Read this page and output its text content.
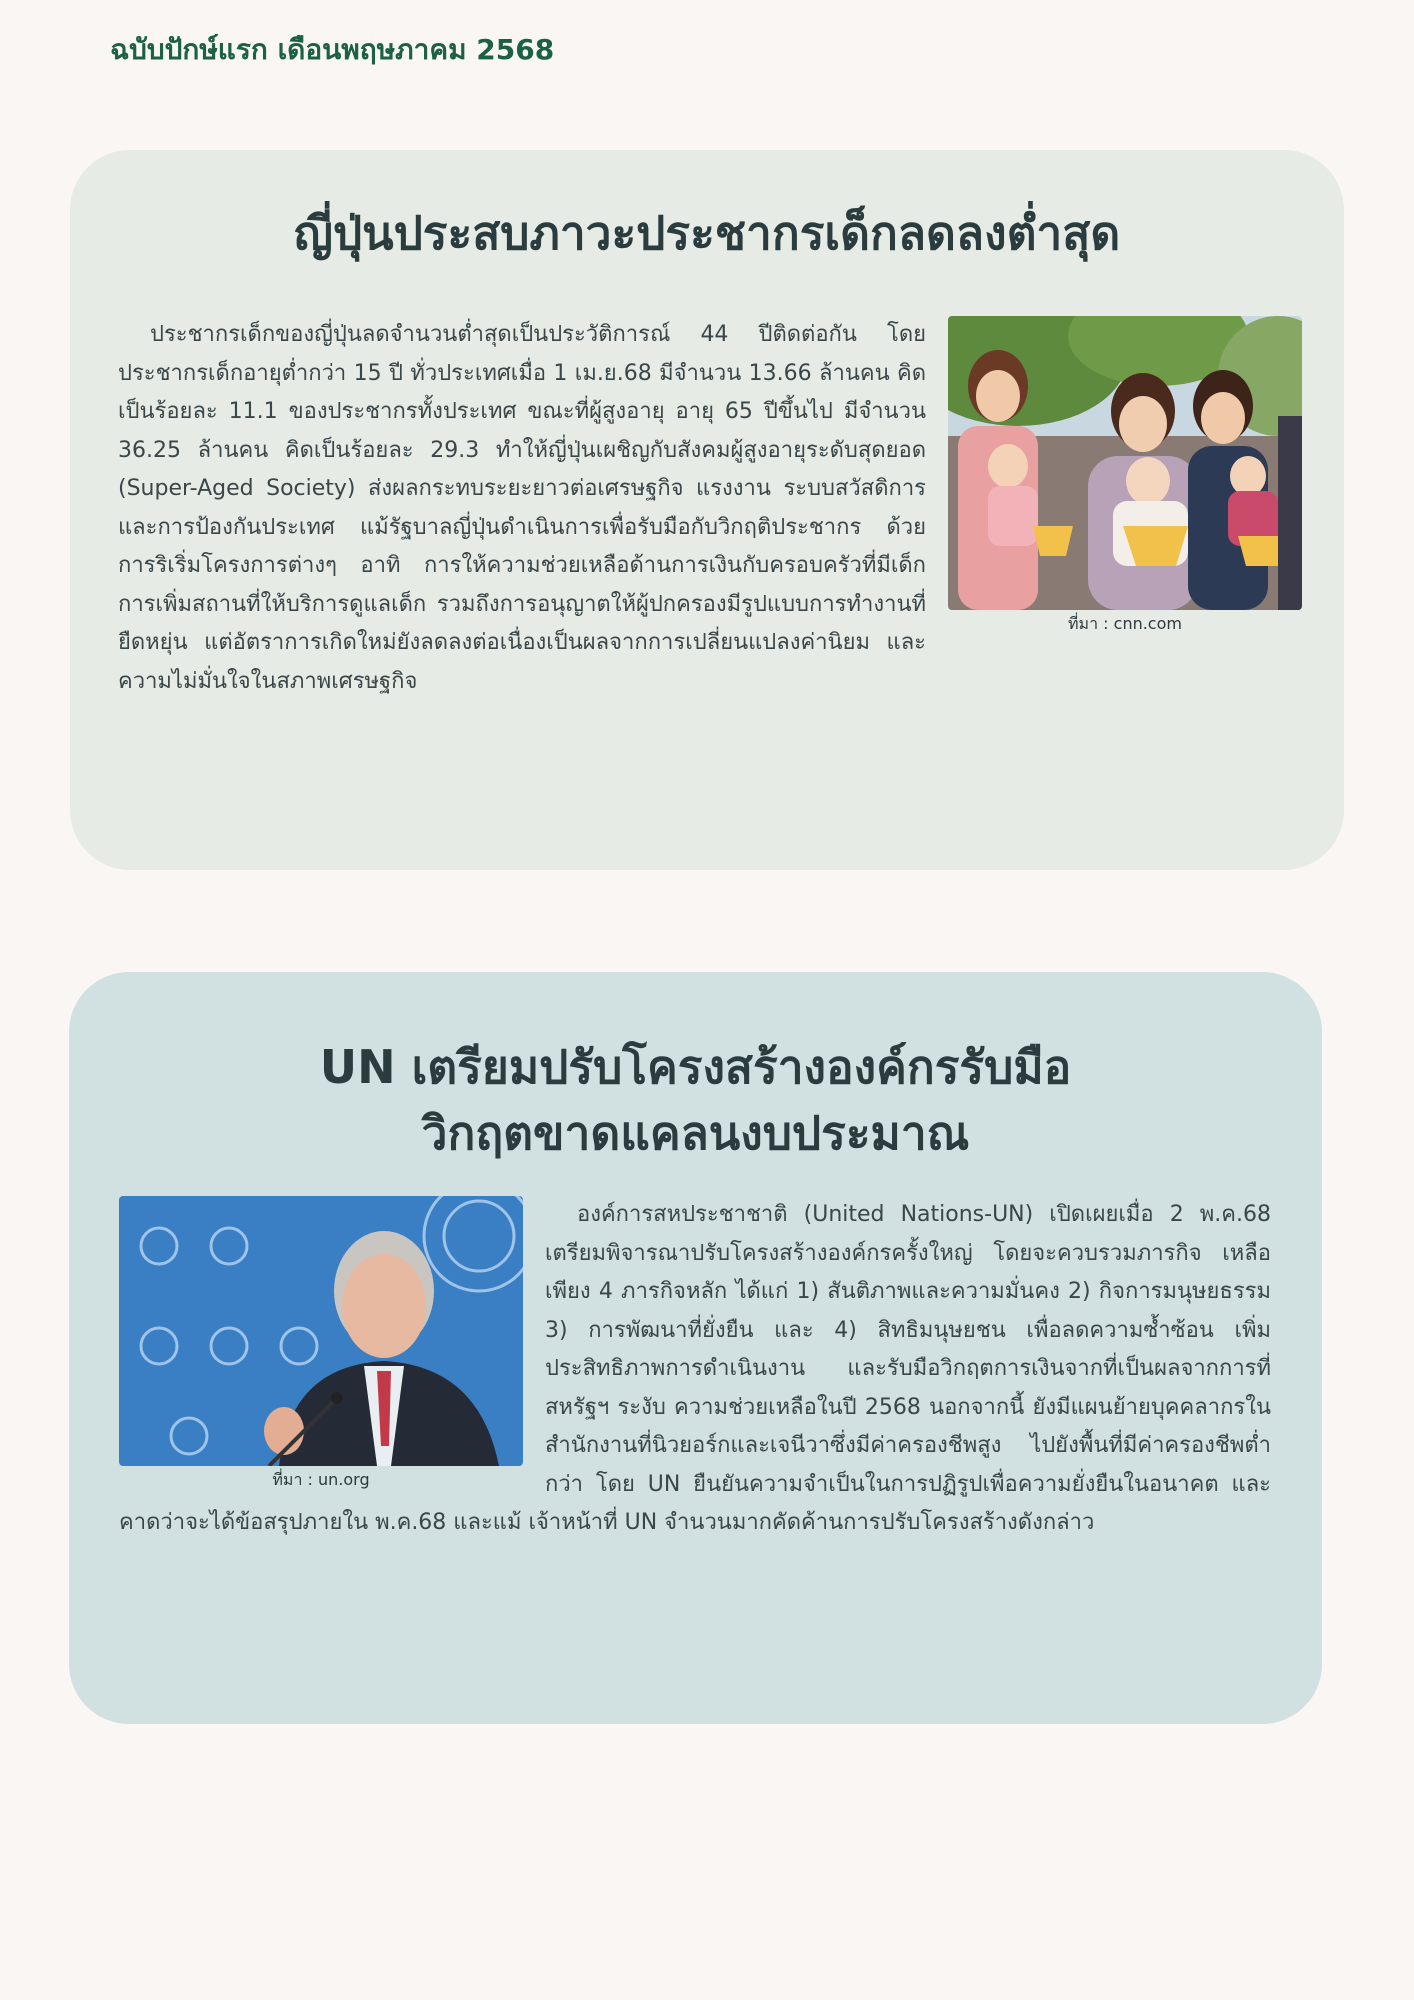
ฉบับปักษ์แรก เดือนพฤษภาคม 2568
ญี่ปุ่นประสบภาวะประชากรเด็กลดลงต่ำสุด
ที่มา : cnn.com
ประชากรเด็กของญี่ปุ่นลดจำนวนต่ำสุดเป็นประวัติการณ์ 44 ปีติดต่อกัน โดยประชากรเด็กอายุต่ำกว่า 15 ปี ทั่วประเทศเมื่อ 1 เม.ย.68 มีจำนวน 13.66 ล้านคน คิดเป็นร้อยละ 11.1 ของประชากรทั้งประเทศ ขณะที่ผู้สูงอายุ อายุ 65 ปีขึ้นไป มีจำนวน 36.25 ล้านคน คิดเป็นร้อยละ 29.3 ทำให้ญี่ปุ่นเผชิญกับสังคมผู้สูงอายุระดับสุดยอด (Super-Aged Society) ส่งผลกระทบระยะยาวต่อเศรษฐกิจ แรงงาน ระบบสวัสดิการและการป้องกันประเทศ แม้รัฐบาลญี่ปุ่นดำเนินการเพื่อรับมือกับวิกฤติประชากร ด้วยการริเริ่มโครงการต่างๆ อาทิ การให้ความช่วยเหลือด้านการเงินกับครอบครัวที่มีเด็ก การเพิ่มสถานที่ให้บริการดูแลเด็ก รวมถึงการอนุญาตให้ผู้ปกครองมีรูปแบบการทำงานที่ยืดหยุ่น แต่อัตราการเกิดใหม่ยังลดลงต่อเนื่องเป็นผลจากการเปลี่ยนแปลงค่านิยม และความไม่มั่นใจในสภาพเศรษฐกิจ
UN เตรียมปรับโครงสร้างองค์กรรับมือ
วิกฤตขาดแคลนงบประมาณ
ที่มา : un.org
องค์การสหประชาชาติ (United Nations-UN) เปิดเผยเมื่อ 2 พ.ค.68 เตรียมพิจารณาปรับโครงสร้างองค์กรครั้งใหญ่ โดยจะควบรวมภารกิจ เหลือเพียง 4 ภารกิจหลัก ได้แก่ 1) สันติภาพและความมั่นคง 2) กิจการมนุษยธรรม 3) การพัฒนาที่ยั่งยืน และ 4) สิทธิมนุษยชน เพื่อลดความซ้ำซ้อน เพิ่มประสิทธิภาพการดำเนินงาน และรับมือวิกฤตการเงินจากที่เป็นผลจากการที่สหรัฐฯ ระงับ ความช่วยเหลือในปี 2568 นอกจากนี้ ยังมีแผนย้ายบุคคลากรในสำนักงานที่นิวยอร์กและเจนีวาซึ่งมีค่าครองชีพสูง ไปยังพื้นที่มีค่าครองชีพต่ำกว่า โดย UN ยืนยันความจำเป็นในการปฏิรูปเพื่อความยั่งยืนในอนาคต และคาดว่าจะได้ข้อสรุปภายใน พ.ค.68 และแม้ เจ้าหน้าที่ UN จำนวนมากคัดค้านการปรับโครงสร้างดังกล่าว
